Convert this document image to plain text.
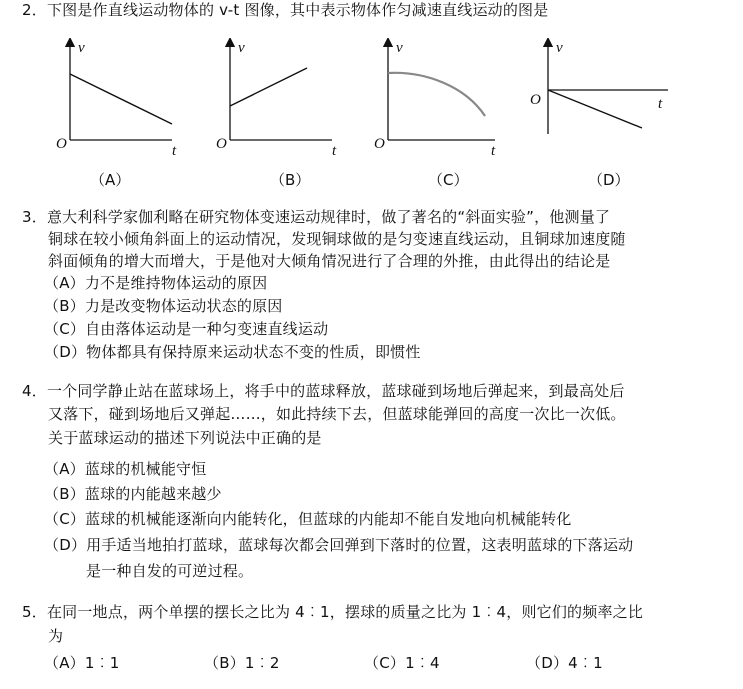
2．下图是作直线运动物体的 v-t 图像，其中表示物体作匀减速直线运动的图是
v
t
O
v
t
O
v
t
O
v
t
O
（A）	（B）	（C）	（D）
3．意大利科学家伽利略在研究物体变速运动规律时，做了著名的“斜面实验”，他测量了
铜球在较小倾角斜面上的运动情况，发现铜球做的是匀变速直线运动，且铜球加速度随
斜面倾角的增大而增大，于是他对大倾角情况进行了合理的外推，由此得出的结论是
（A）力不是维持物体运动的原因
（B）力是改变物体运动状态的原因
（C）自由落体运动是一种匀变速直线运动
（D）物体都具有保持原来运动状态不变的性质，即惯性
4．一个同学静止站在蓝球场上，将手中的蓝球释放，蓝球碰到场地后弹起来，到最高处后
又落下，碰到场地后又弹起……，如此持续下去，但蓝球能弹回的高度一次比一次低。
关于蓝球运动的描述下列说法中正确的是
（A）蓝球的机械能守恒
（B）蓝球的内能越来越少
（C）蓝球的机械能逐渐向内能转化，但蓝球的内能却不能自发地向机械能转化
（D）用手适当地拍打蓝球，蓝球每次都会回弹到下落时的位置，这表明蓝球的下落运动
是一种自发的可逆过程。
5．在同一地点，两个单摆的摆长之比为 4︰1，摆球的质量之比为 1︰4，则它们的频率之比
为
（A）1︰1	（B）1︰2	（C）1︰4	（D）4︰1
